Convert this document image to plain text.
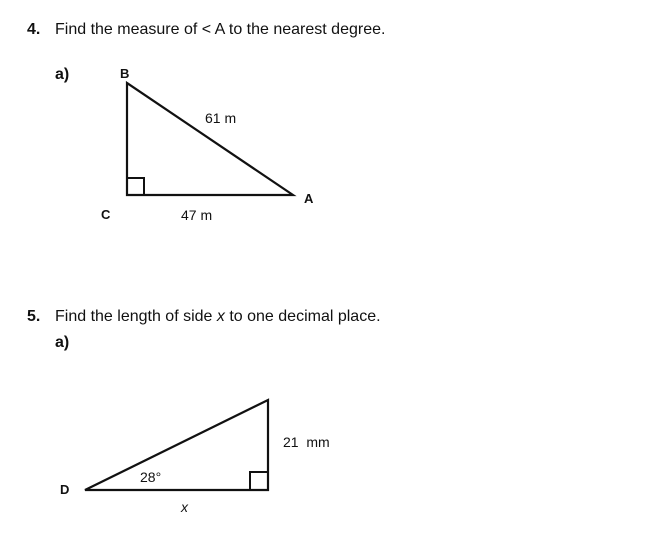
4. Find the measure of < A to the nearest degree.
a)	B
C
A
61 m
47 m
5. Find the length of side x to one decimal place.
a)
D
28°
21  mm
x
